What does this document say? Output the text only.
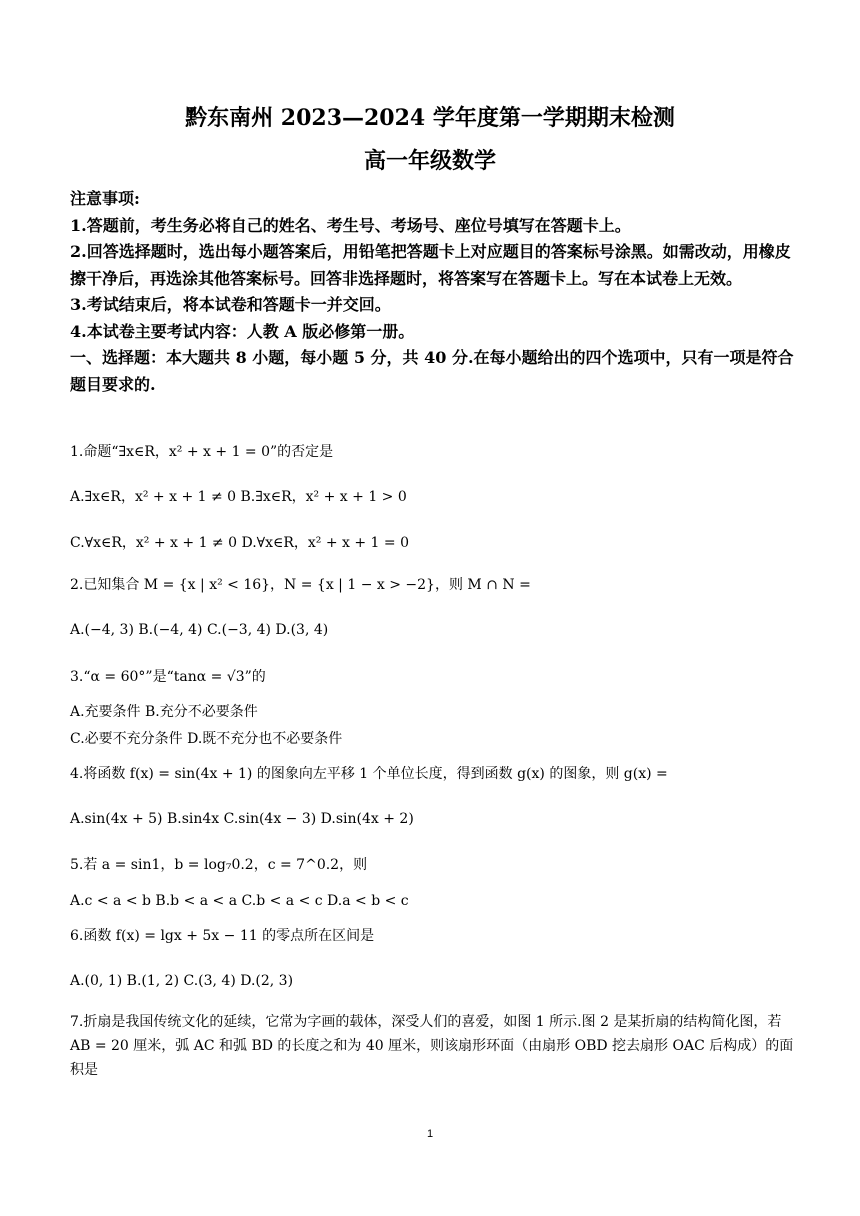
黔东南州 2023—2024 学年度第一学期期末检测
高一年级数学

注意事项:

1.答题前，考生务必将自己的姓名、考生号、考场号、座位号填写在答题卡上。

2.回答选择题时，选出每小题答案后，用铅笔把答题卡上对应题目的答案标号涂黑。如需改动，用橡皮擦干净后，再选涂其他答案标号。回答非选择题时，将答案写在答题卡上。写在本试卷上无效。

3.考试结束后，将本试卷和答题卡一并交回。

4.本试卷主要考试内容：人教 A 版必修第一册。

一、选择题：本大题共 8 小题，每小题 5 分，共 40 分.在每小题给出的四个选项中，只有一项是符合题目要求的.

1.命题“∃x∈R，x² + x + 1 = 0”的否定是
A.∃x∈R，x² + x + 1 ≠ 0 B.∃x∈R，x² + x + 1 > 0
C.∀x∈R，x² + x + 1 ≠ 0 D.∀x∈R，x² + x + 1 = 0
2.已知集合 M = {x | x² < 16}，N = {x | 1 − x > −2}，则 M ∩ N =
A.(−4, 3) B.(−4, 4) C.(−3, 4) D.(3, 4)
3.“α = 60°”是“tanα = √3”的
A.充要条件 B.充分不必要条件
C.必要不充分条件 D.既不充分也不必要条件
4.将函数 f(x) = sin(4x + 1) 的图象向左平移 1 个单位长度，得到函数 g(x) 的图象，则 g(x) =
A.sin(4x + 5) B.sin4x C.sin(4x − 3) D.sin(4x + 2)
5.若 a = sin1，b = log₇0.2，c = 7^0.2，则
A.c < a < b B.b < a < a C.b < a < c D.a < b < c
6.函数 f(x) = lgx + 5x − 11 的零点所在区间是
A.(0, 1) B.(1, 2) C.(3, 4) D.(2, 3)
7.折扇是我国传统文化的延续，它常为字画的载体，深受人们的喜爱，如图 1 所示.图 2 是某折扇的结构简化图，若 AB = 20 厘米，弧 AC 和弧 BD 的长度之和为 40 厘米，则该扇形环面（由扇形 OBD 挖去扇形 OAC 后构成）的面积是
1
